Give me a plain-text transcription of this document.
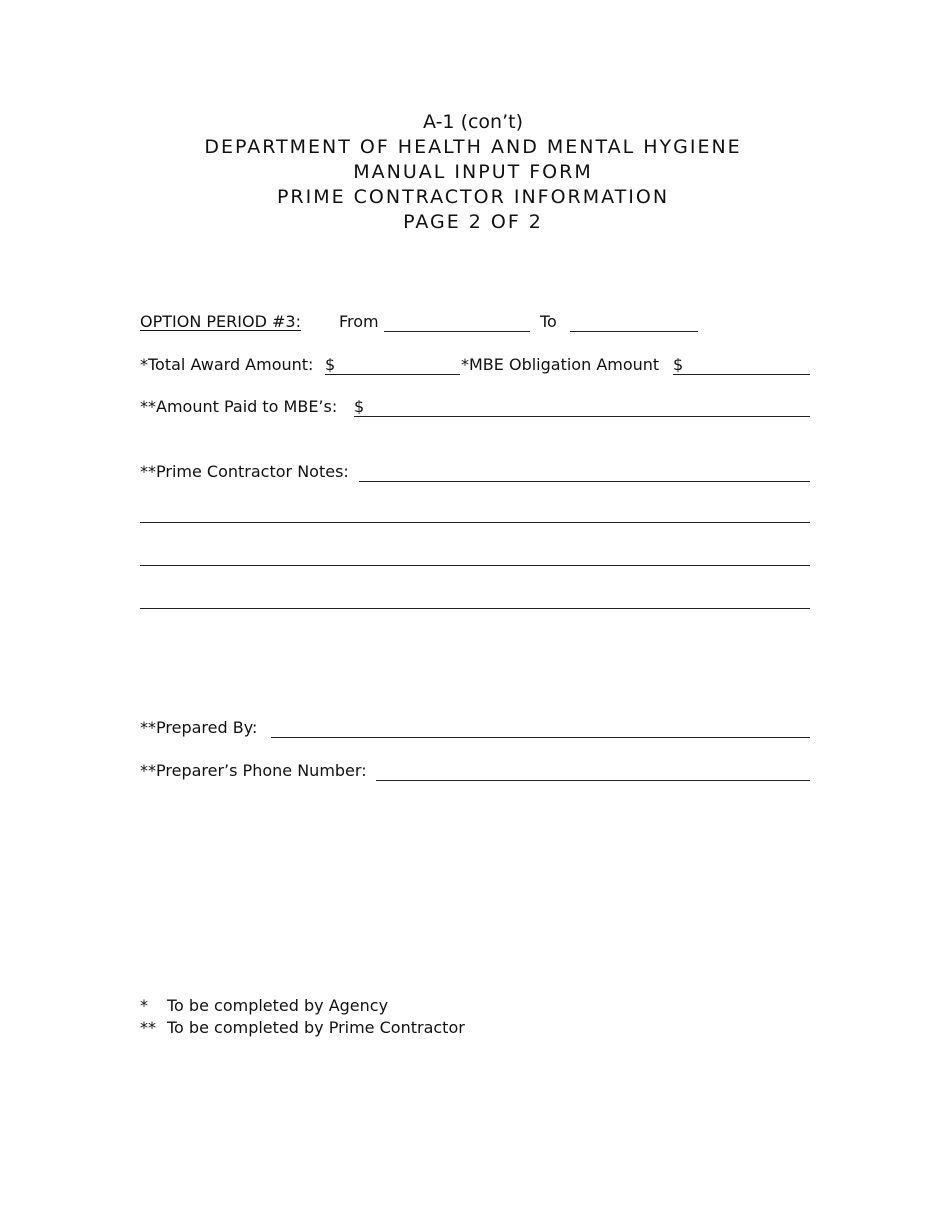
A-1 (con’t)
DEPARTMENT OF HEALTH AND MENTAL HYGIENE
MANUAL INPUT FORM
PRIME CONTRACTOR INFORMATION
PAGE 2 OF 2
OPTION PERIOD #3: From	To
*Total Award Amount: $	*MBE Obligation Amount $
**Amount Paid to MBE’s: $
**Prime Contractor Notes:
**Prepared By:
**Preparer’s Phone Number:
* To be completed by Agency
** To be completed by Prime Contractor
